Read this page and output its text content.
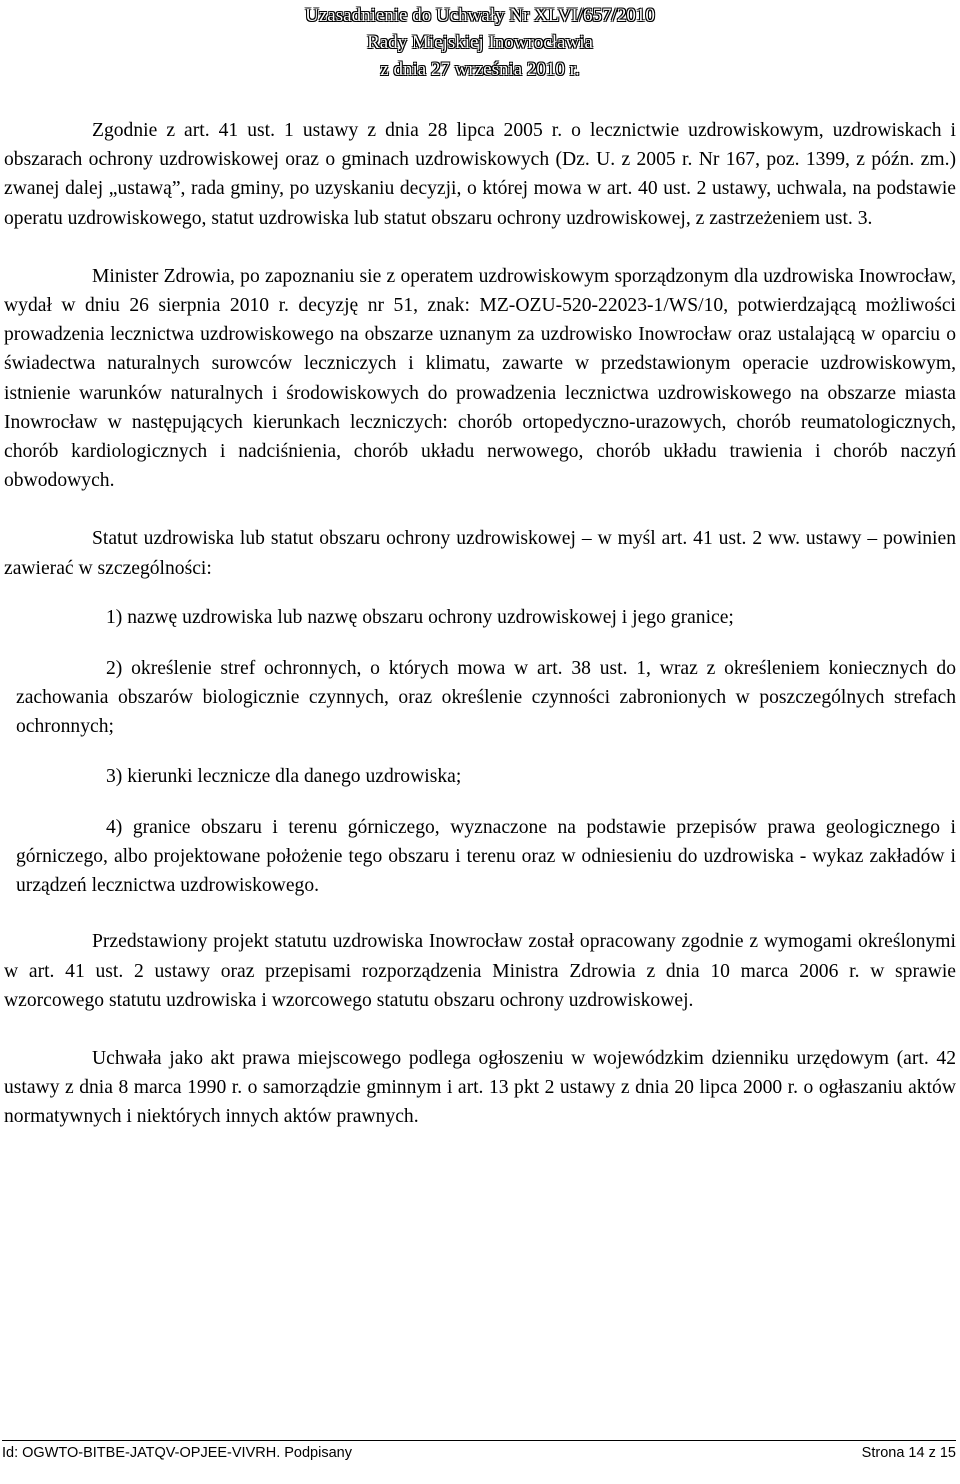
Uzasadnienie do Uchwały Nr XLVI/657/2010
Rady Miejskiej Inowrocławia
z dnia 27 września 2010 r.

Zgodnie z art. 41 ust. 1 ustawy z dnia 28 lipca 2005 r. o lecznictwie uzdrowiskowym, uzdrowiskach i obszarach ochrony uzdrowiskowej oraz o gminach uzdrowiskowych (Dz. U. z 2005 r. Nr 167, poz. 1399, z późn. zm.) zwanej dalej „ustawą”, rada gminy, po uzyskaniu decyzji, o której mowa w art. 40 ust. 2 ustawy, uchwala, na podstawie operatu uzdrowiskowego, statut uzdrowiska lub statut obszaru ochrony uzdrowiskowej, z zastrzeżeniem ust. 3.

Minister Zdrowia, po zapoznaniu sie z operatem uzdrowiskowym sporządzonym dla uzdrowiska Inowrocław, wydał w dniu 26 sierpnia 2010 r. decyzję nr 51, znak: MZ-OZU-520-22023-1/WS/10, potwierdzającą możliwości prowadzenia lecznictwa uzdrowiskowego na obszarze uznanym za uzdrowisko Inowrocław oraz ustalającą w oparciu o świadectwa naturalnych surowców leczniczych i klimatu, zawarte w przedstawionym operacie uzdrowiskowym, istnienie warunków naturalnych i środowiskowych do prowadzenia lecznictwa uzdrowiskowego na obszarze miasta Inowrocław w następujących kierunkach leczniczych: chorób ortopedyczno-urazowych, chorób reumatologicznych, chorób kardiologicznych i nadciśnienia, chorób układu nerwowego, chorób układu trawienia i chorób naczyń obwodowych.

Statut uzdrowiska lub statut obszaru ochrony uzdrowiskowej – w myśl art. 41 ust. 2 ww. ustawy – powinien zawierać w szczególności:

1) nazwę uzdrowiska lub nazwę obszaru ochrony uzdrowiskowej i jego granice;
2) określenie stref ochronnych, o których mowa w art. 38 ust. 1, wraz z określeniem koniecznych do zachowania obszarów biologicznie czynnych, oraz określenie czynności zabronionych w poszczególnych strefach ochronnych;
3) kierunki lecznicze dla danego uzdrowiska;
4) granice obszaru i terenu górniczego, wyznaczone na podstawie przepisów prawa geologicznego i górniczego, albo projektowane położenie tego obszaru i terenu oraz w odniesieniu do uzdrowiska - wykaz zakładów i urządzeń lecznictwa uzdrowiskowego.

Przedstawiony projekt statutu uzdrowiska Inowrocław został opracowany zgodnie z wymogami określonymi w art. 41 ust. 2 ustawy oraz przepisami rozporządzenia Ministra Zdrowia z dnia 10 marca 2006 r. w sprawie wzorcowego statutu uzdrowiska i wzorcowego statutu obszaru ochrony uzdrowiskowej.

Uchwała jako akt prawa miejscowego podlega ogłoszeniu w wojewódzkim dzienniku urzędowym (art. 42 ustawy z dnia 8 marca 1990 r. o samorządzie gminnym i art. 13 pkt 2 ustawy z dnia 20 lipca 2000 r. o ogłaszaniu aktów normatywnych i niektórych innych aktów prawnych.

Id: OGWTO-BITBE-JATQV-OPJEE-VIVRH. Podpisany	Strona 14 z 15
